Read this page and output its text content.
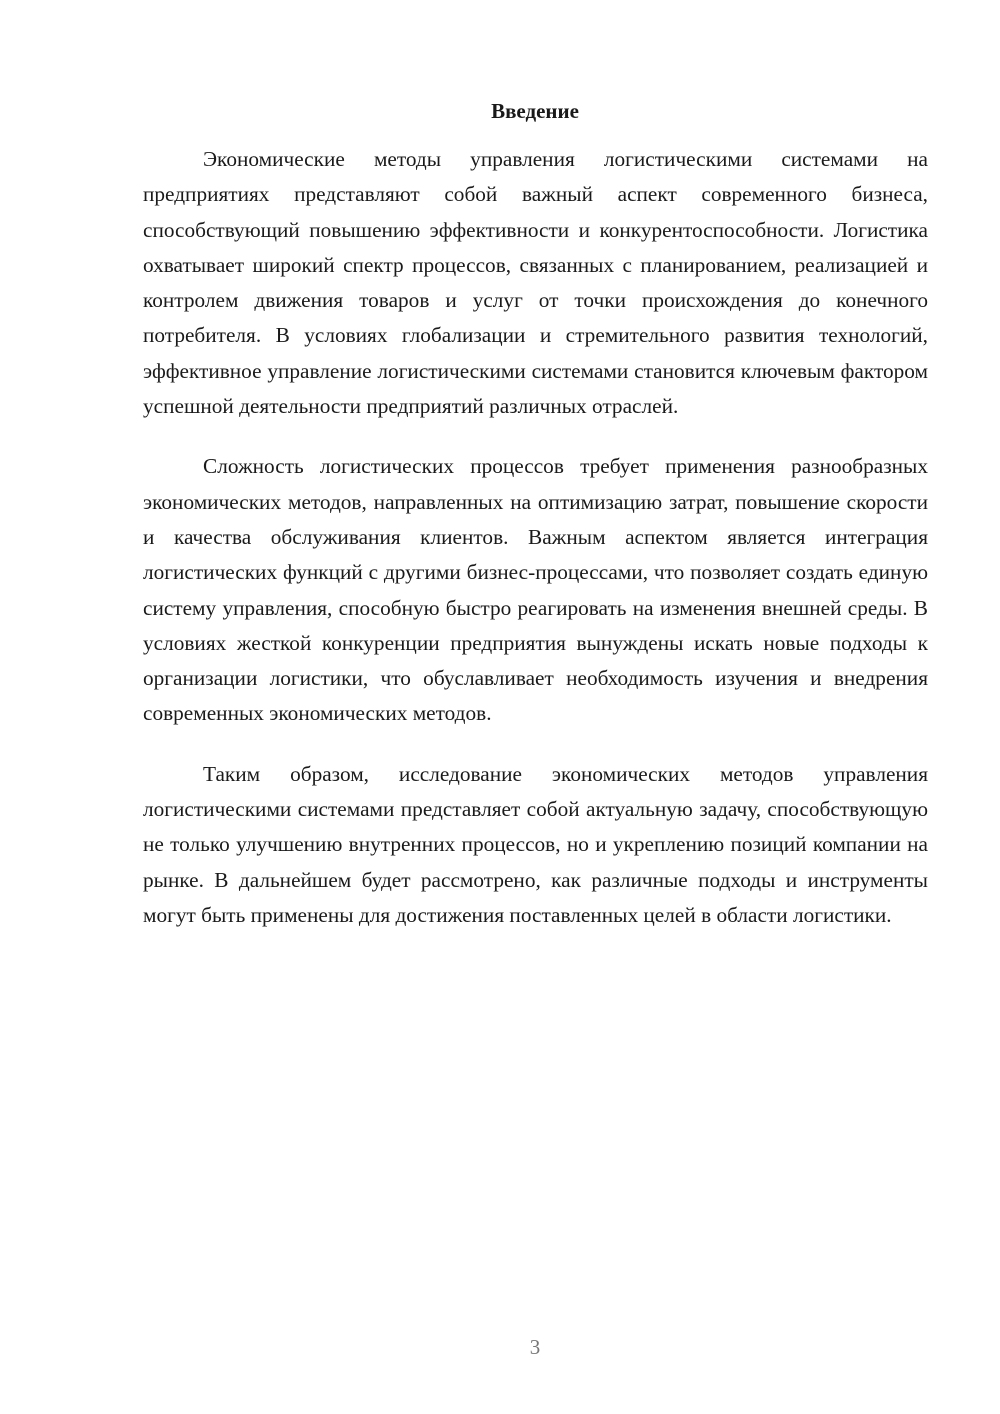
Введение

Экономические методы управления логистическими системами на предприятиях представляют собой важный аспект современного бизнеса, способствующий повышению эффективности и конкурентоспособности. Логистика охватывает широкий спектр процессов, связанных с планированием, реализацией и контролем движения товаров и услуг от точки происхождения до конечного потребителя. В условиях глобализации и стремительного развития технологий, эффективное управление логистическими системами становится ключевым фактором успешной деятельности предприятий различных отраслей.

Сложность логистических процессов требует применения разнообразных экономических методов, направленных на оптимизацию затрат, повышение скорости и качества обслуживания клиентов. Важным аспектом является интеграция логистических функций с другими бизнес-процессами, что позволяет создать единую систему управления, способную быстро реагировать на изменения внешней среды. В условиях жесткой конкуренции предприятия вынуждены искать новые подходы к организации логистики, что обуславливает необходимость изучения и внедрения современных экономических методов.

Таким образом, исследование экономических методов управления логистическими системами представляет собой актуальную задачу, способствующую не только улучшению внутренних процессов, но и укреплению позиций компании на рынке. В дальнейшем будет рассмотрено, как различные подходы и инструменты могут быть применены для достижения поставленных целей в области логистики.

3
